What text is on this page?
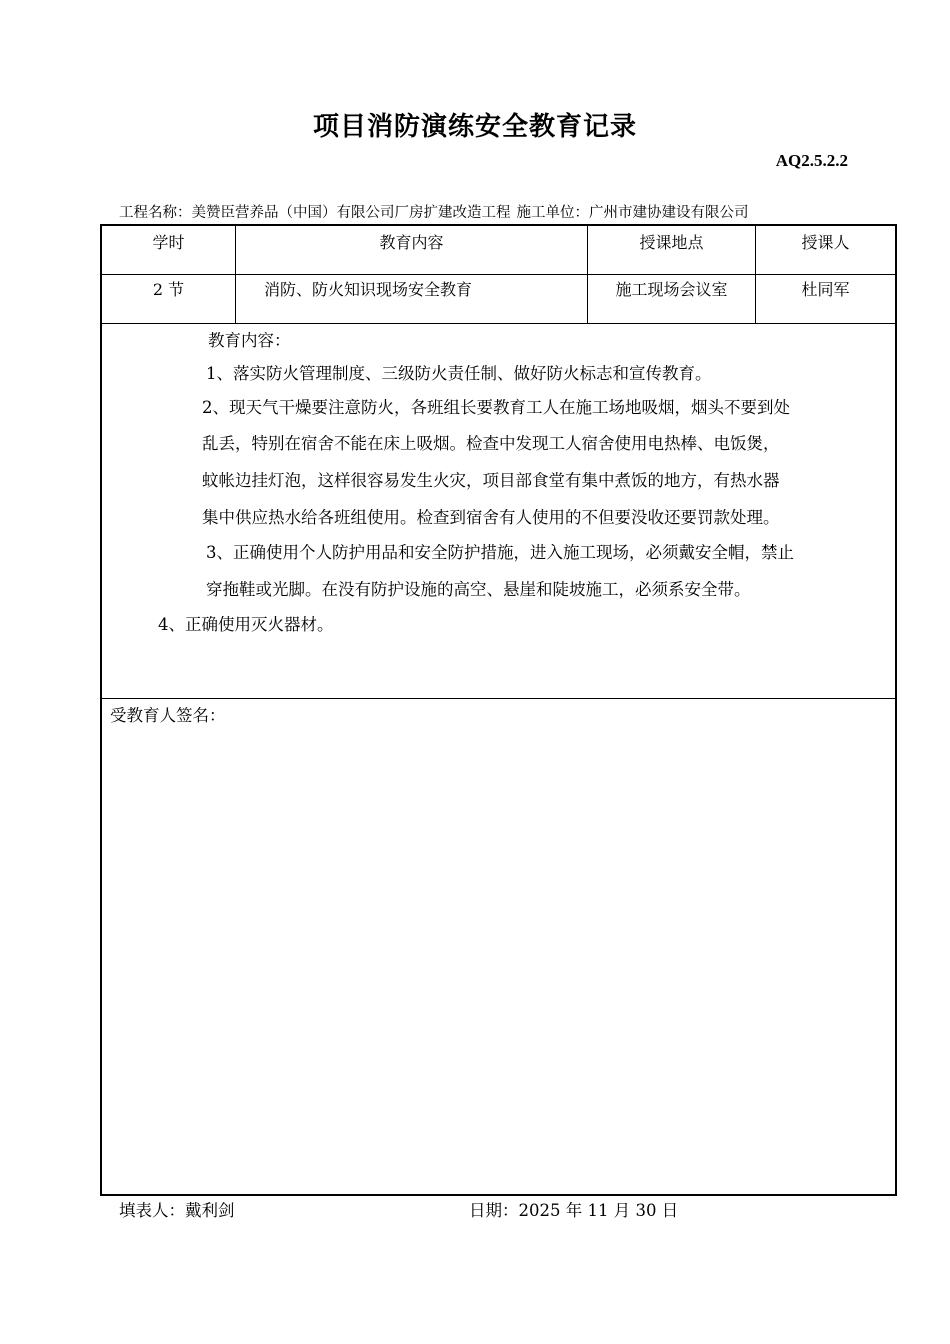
项目消防演练安全教育记录
AQ2.5.2.2
工程名称：美赞臣营养品（中国）有限公司厂房扩建改造工程 施工单位：广州市建协建设有限公司
学时	教育内容	授课地点	授课人
2 节	消防、防火知识现场安全教育	施工现场会议室	杜同军
教育内容：
1、落实防火管理制度、三级防火责任制、做好防火标志和宣传教育。
2、现天气干燥要注意防火，各班组长要教育工人在施工场地吸烟，烟头不要到处
乱丢，特别在宿舍不能在床上吸烟。检查中发现工人宿舍使用电热棒、电饭煲，
蚊帐边挂灯泡，这样很容易发生火灾，项目部食堂有集中煮饭的地方，有热水器
集中供应热水给各班组使用。检查到宿舍有人使用的不但要没收还要罚款处理。
3、正确使用个人防护用品和安全防护措施，进入施工现场，必须戴安全帽，禁止
穿拖鞋或光脚。在没有防护设施的高空、悬崖和陡坡施工，必须系安全带。
4、正确使用灭火器材。
受教育人签名：
填表人：戴利剑	日期：2025 年 11 月 30 日
